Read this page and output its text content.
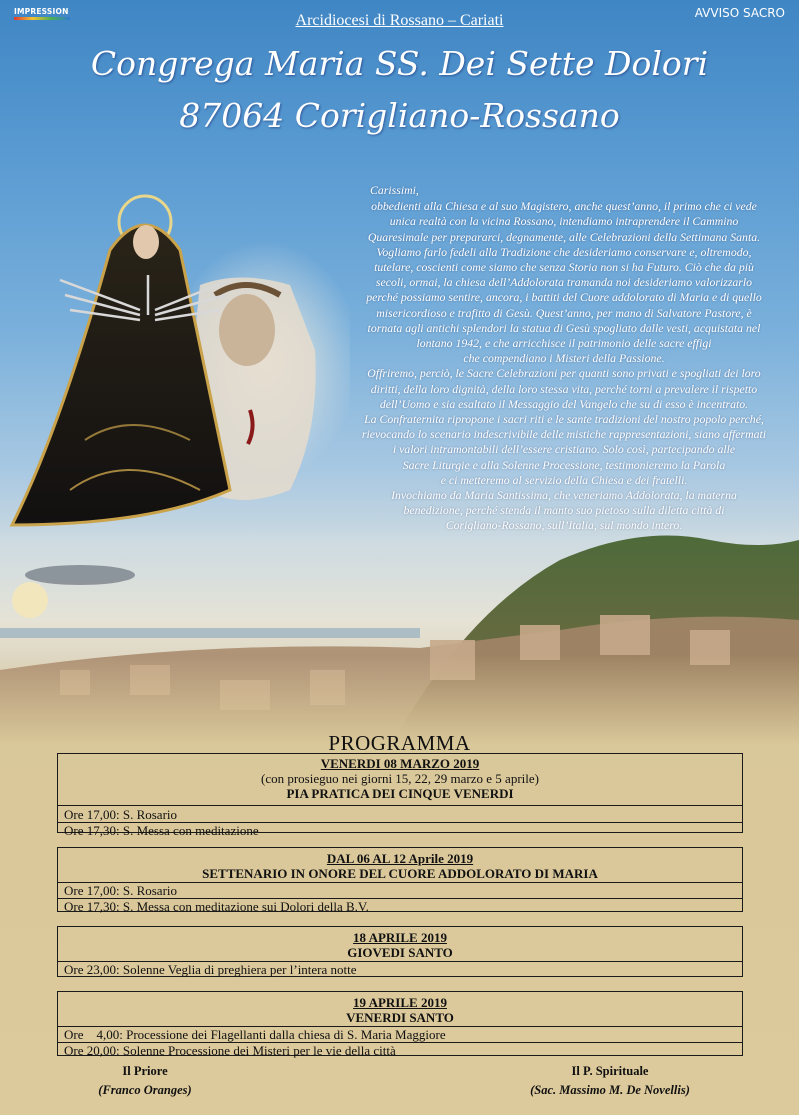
IMPRESSION	AVVISO SACRO
Arcidiocesi di Rossano – Cariati
Congrega Maria SS. Dei Sette Dolori
87064 Corigliano-Rossano

Carissimi,

obbedienti alla Chiesa e al suo Magistero, anche quest’anno, il primo che ci vede

unica realtà con la vicina Rossano, intendiamo intraprendere il Cammino

Quaresimale per prepararci, degnamente, alle Celebrazioni della Settimana Santa.

Vogliamo farlo fedeli alla Tradizione che desideriamo conservare e, oltremodo,

tutelare, coscienti come siamo che senza Storia non si ha Futuro. Ciò che da più

secoli, ormai, la chiesa dell’Addolorata tramanda noi desideriamo valorizzarlo

perché possiamo sentire, ancora, i battiti del Cuore addolorato di Maria e di quello

misericordioso e trafitto di Gesù. Quest’anno, per mano di Salvatore Pastore, è

tornata agli antichi splendori la statua di Gesù spogliato dalle vesti, acquistata nel

lontano 1942, e che arricchisce il patrimonio delle sacre effigi

che compendiano i Misteri della Passione.

Offriremo, perciò, le Sacre Celebrazioni per quanti sono privati e spogliati dei loro

diritti, della loro dignità, della loro stessa vita, perché torni a prevalere il rispetto

dell’Uomo e sia esaltato il Messaggio del Vangelo che su di esso è incentrato.

La Confraternita ripropone i sacri riti e le sante tradizioni del nostro popolo perché,

rievocando lo scenario indescrivibile delle mistiche rappresentazioni, siano affermati

i valori intramontabili dell’essere cristiano. Solo così, partecipando alle

Sacre Liturgie e alla Solenne Processione, testimonieremo la Parola

e ci metteremo al servizio della Chiesa e dei fratelli.

Invochiamo da Maria Santissima, che veneriamo Addolorata, la materna

benedizione, perché stenda il manto suo pietoso sulla diletta città di

PROGRAMMA
VENERDI 08 MARZO 2019
(con prosieguo nei giorni 15, 22, 29 marzo e 5 aprile)
PIA PRATICA DEI CINQUE VENERDI
Ore 17,00: S. Rosario
Ore 17,30: S. Messa con meditazione
DAL 06 AL 12 Aprile 2019
SETTENARIO IN ONORE DEL CUORE ADDOLORATO DI MARIA
Ore 17,00: S. Rosario
Ore 17,30: S. Messa con meditazione sui Dolori della B.V.
18 APRILE 2019
GIOVEDI SANTO
Ore 23,00: Solenne Veglia di preghiera per l’intera notte
19 APRILE 2019
VENERDI SANTO
Ore    4,00: Processione dei Flagellanti dalla chiesa di S. Maria Maggiore
Ore 20,00: Solenne Processione dei Misteri per le vie della città
Il Priore
(Franco Oranges)
Il P. Spirituale
(Sac. Massimo M. De Novellis)
